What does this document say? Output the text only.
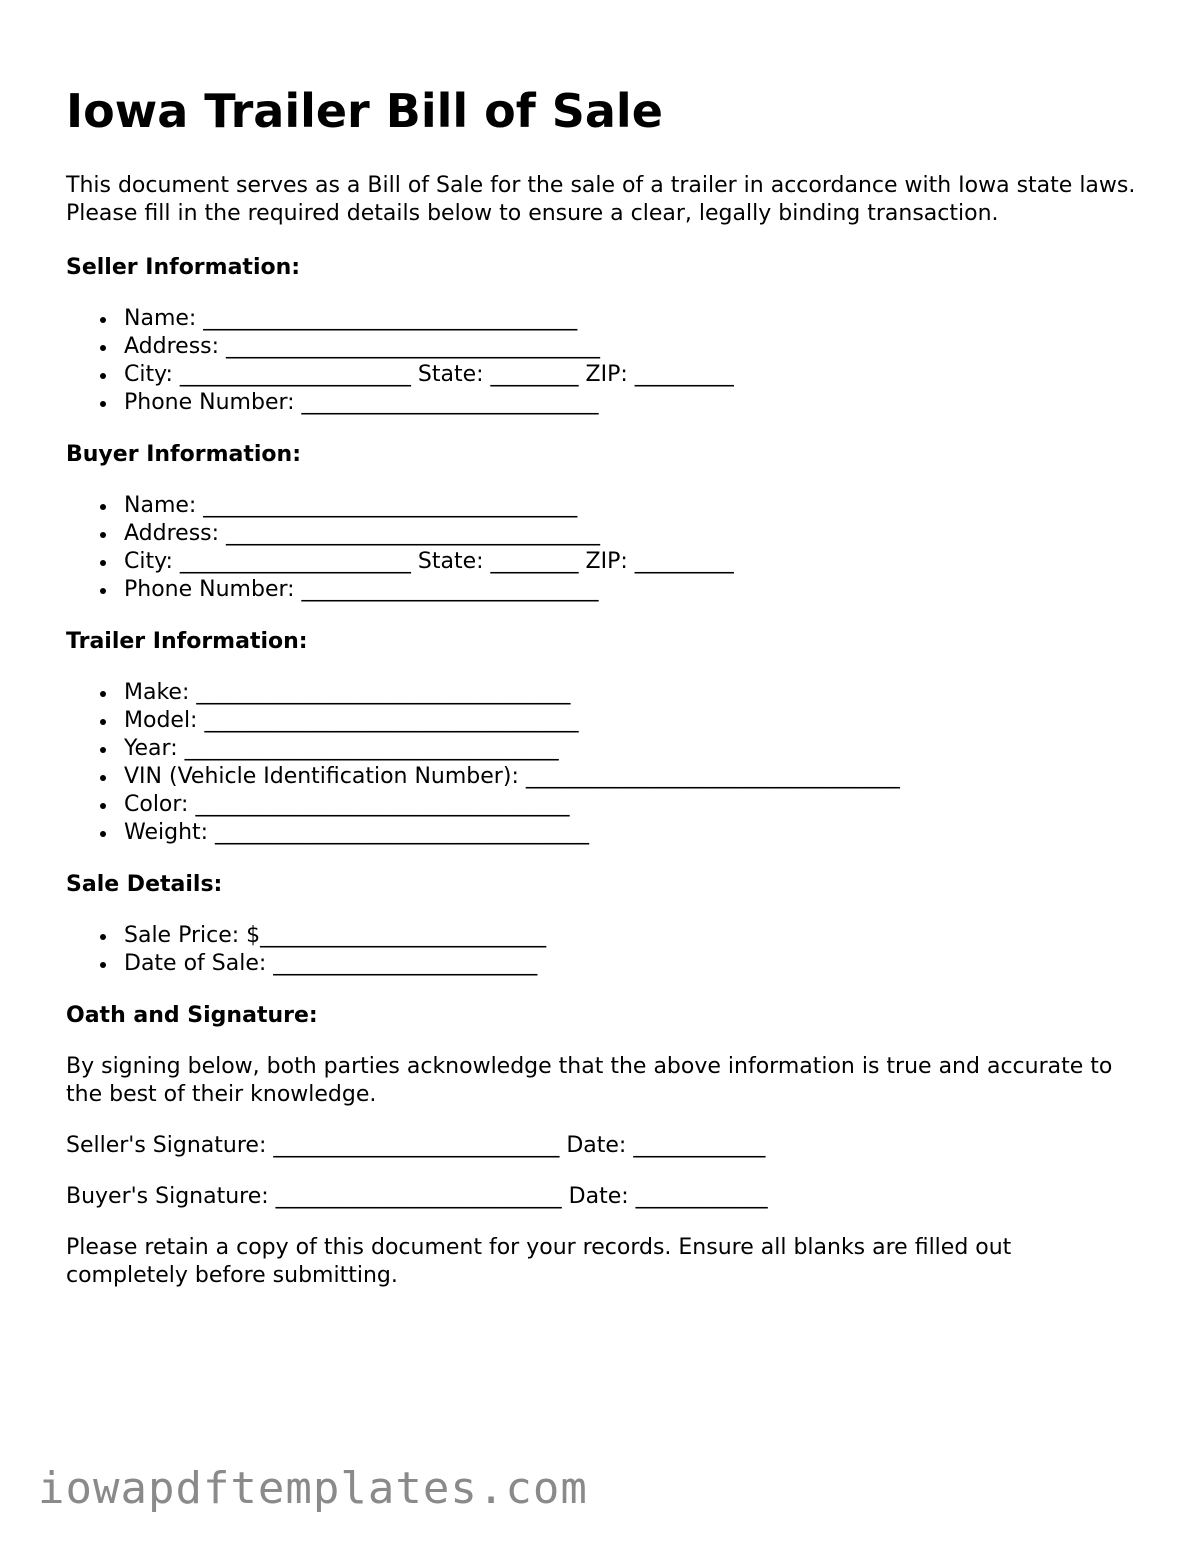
Iowa Trailer Bill of Sale

This document serves as a Bill of Sale for the sale of a trailer in accordance with Iowa state laws. Please fill in the required details below to ensure a clear, legally binding transaction.

Seller Information:
Name: __________________________________
Address: __________________________________
City: _____________________ State: ________ ZIP: _________
Phone Number: ___________________________
Buyer Information:
Name: __________________________________
Address: __________________________________
City: _____________________ State: ________ ZIP: _________
Phone Number: ___________________________
Trailer Information:
Make: __________________________________
Model: __________________________________
Year: __________________________________
VIN (Vehicle Identification Number): __________________________________
Color: __________________________________
Weight: __________________________________
Sale Details:
Sale Price: $__________________________
Date of Sale: ________________________
Oath and Signature:

By signing below, both parties acknowledge that the above information is true and accurate to the best of their knowledge.

Seller's Signature: __________________________ Date: ____________

Buyer's Signature: __________________________ Date: ____________

Please retain a copy of this document for your records. Ensure all blanks are filled out completely before submitting.

iowapdftemplates.com
